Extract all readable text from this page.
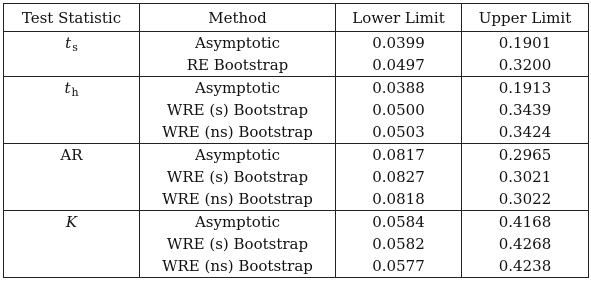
Test Statistic	Method	Lower Limit	Upper Limit
$t_s$	Asymptotic	0.0399	0.1901
	RE Bootstrap	0.0497	0.3200
$t_h$	Asymptotic	0.0388	0.1913
	WRE (s) Bootstrap	0.0500	0.3439
	WRE (ns) Bootstrap	0.0503	0.3424
AR	Asymptotic	0.0817	0.2965
	WRE (s) Bootstrap	0.0827	0.3021
	WRE (ns) Bootstrap	0.0818	0.3022
K	Asymptotic	0.0584	0.4168
	WRE (s) Bootstrap	0.0582	0.4268
	WRE (ns) Bootstrap	0.0577	0.4238
